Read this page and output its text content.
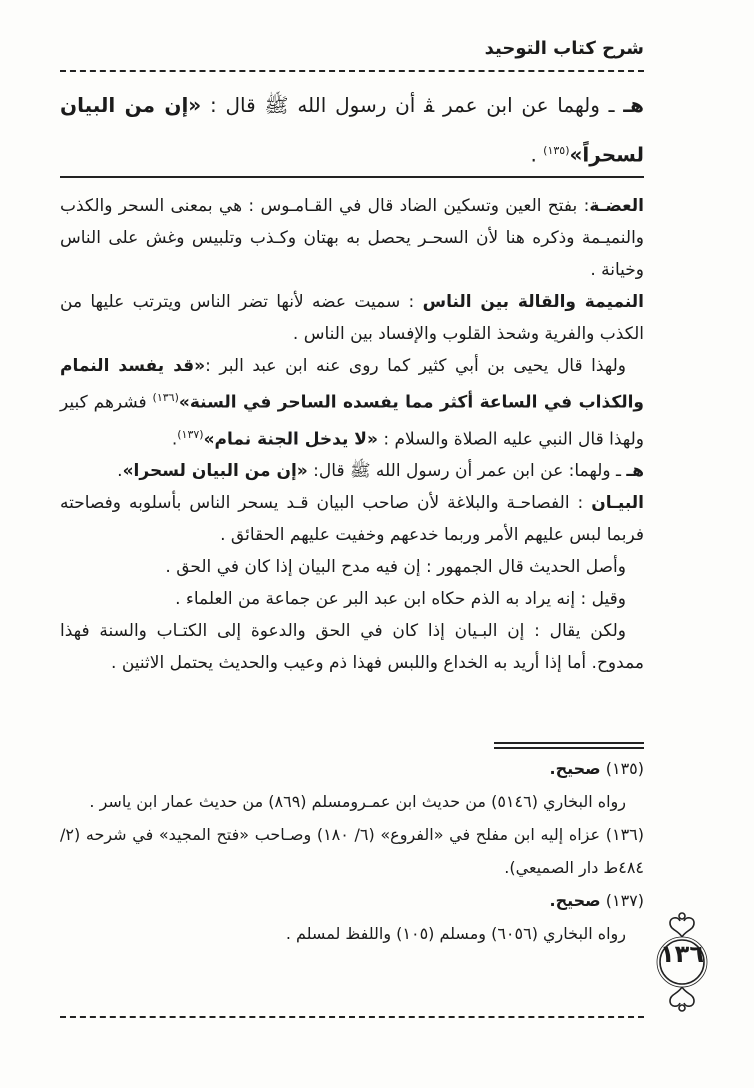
شرح كتاب التوحيد
ﻫـ ـ ولهما عن ابن عمر ﭭ أن رسول الله ﷺ قال : «إن من البيان لسحراً»$^{(١٣٥)}$ .

العضـة: بفتح العين وتسكين الضاد قال في القـامـوس : هي بمعنى السحر والكذب والنميـمة وذكره هنا لأن السحـر يحصل به بهتان وكـذب وتلبيس وغش على الناس وخيانة .

النميمة والقالة بين الناس : سميت عضه لأنها تضر الناس ويترتب عليها من الكذب والفرية وشحذ القلوب والإفساد بين الناس .

ولهذا قال يحيى بن أبي كثير كما روى عنه ابن عبد البر :«قد يفسد النمام والكذاب في الساعة أكثر مما يفسده الساحر في السنة»$^{(١٣٦)}$ فشرهم كبير ولهذا قال النبي عليه الصلاة والسلام : «لا يدخل الجنة نمام»$^{(١٣٧)}$.

ﻫـ ـ ولهما: عن ابن عمر أن رسول الله ﷺ قال: «إن من البيان لسحرا».

البيـان : الفصاحـة والبلاغة لأن صاحب البيان قـد يسحر الناس بأسلوبه وفصاحته فربما لبس عليهم الأمر وربما خدعهم وخفيت عليهم الحقائق .

وأصل الحديث قال الجمهور : إن فيه مدح البيان إذا كان في الحق .

وقيل : إنه يراد به الذم حكاه ابن عبد البر عن جماعة من العلماء .

ولكن يقال : إن البـيان إذا كان في الحق والدعوة إلى الكتـاب والسنة فهذا ممدوح. أما إذا أريد به الخداع واللبس فهذا ذم وعيب والحديث يحتمل الاثنين .

(١٣٥) صحيح.

رواه البخاري (٥١٤٦) من حديث ابن عمـرومسلم (٨٦٩) من حديث عمار ابن ياسر .

(١٣٦) عزاه إليه ابن مفلح في «الفروع» (٦/ ١٨٠) وصـاحب «فتح المجيد» في شرحه (٢/ ٤٨٤ط دار الصميعي).

(١٣٧) صحيح.

رواه البخاري (٦٠٥٦) ومسلم (١٠٥) واللفظ لمسلم .

١٣٦
